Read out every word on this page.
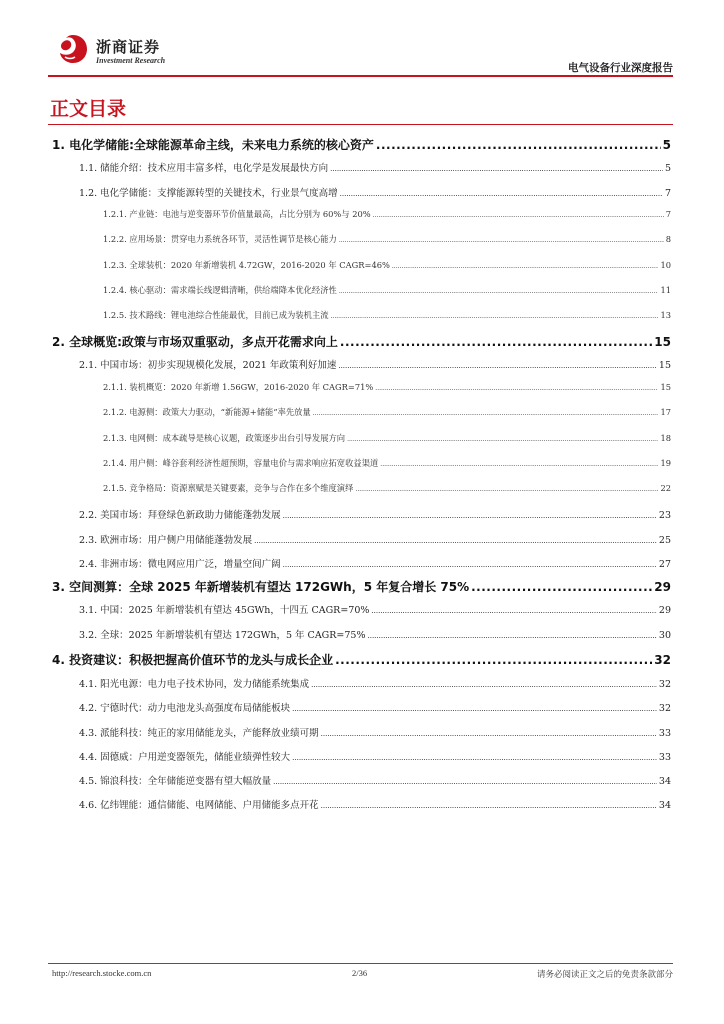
浙商证券
Investment Research
电气设备行业深度报告
正文目录
1. 电化学储能:全球能源革命主线，未来电力系统的核心资产 .....	5
1.1. 储能介绍：技术应用丰富多样，电化学是发展最快方向 .....	5
1.2. 电化学储能：支撑能源转型的关键技术，行业景气度高增 .....	7
1.2.1. 产业链：电池与逆变器环节价值量最高，占比分别为 60%与 20% .....	7
1.2.2. 应用场景：贯穿电力系统各环节，灵活性调节是核心能力 .....	8
1.2.3. 全球装机：2020 年新增装机 4.72GW，2016-2020 年 CAGR=46% .....	10
1.2.4. 核心驱动：需求端长线逻辑清晰，供给端降本优化经济性 .....	11
1.2.5. 技术路线：锂电池综合性能最优，目前已成为装机主流 .....	13
2. 全球概览:政策与市场双重驱动，多点开花需求向上 .....	15
2.1. 中国市场：初步实现规模化发展，2021 年政策利好加速 .....	15
2.1.1. 装机概览：2020 年新增 1.56GW，2016-2020 年 CAGR=71% .....	15
2.1.2. 电源侧：政策大力驱动，“新能源+储能”率先放量 .....	17
2.1.3. 电网侧：成本疏导是核心议题，政策逐步出台引导发展方向 .....	18
2.1.4. 用户侧：峰谷套利经济性超预期，容量电价与需求响应拓宽收益渠道 .....	19
2.1.5. 竞争格局：资源禀赋是关键要素，竞争与合作在多个维度演绎 .....	22
2.2. 美国市场：拜登绿色新政助力储能蓬勃发展 .....	23
2.3. 欧洲市场：用户侧户用储能蓬勃发展 .....	25
2.4. 非洲市场：微电网应用广泛，增量空间广阔 .....	27
3. 空间测算：全球 2025 年新增装机有望达 172GWh，5 年复合增长 75% .....	29
3.1. 中国：2025 年新增装机有望达 45GWh，十四五 CAGR=70% .....	29
3.2. 全球：2025 年新增装机有望达 172GWh，5 年 CAGR=75% .....	30
4. 投资建议：积极把握高价值环节的龙头与成长企业 .....	32
4.1. 阳光电源：电力电子技术协同，发力储能系统集成 .....	32
4.2. 宁德时代：动力电池龙头高强度布局储能板块 .....	32
4.3. 派能科技：纯正的家用储能龙头，产能释放业绩可期 .....	33
4.4. 固德威：户用逆变器领先，储能业绩弹性较大 .....	33
4.5. 锦浪科技：全年储能逆变器有望大幅放量 .....	34
4.6. 亿纬锂能：通信储能、电网储能、户用储能多点开花 .....	34
http://research.stocke.com.cn	2/36	请务必阅读正文之后的免责条款部分
